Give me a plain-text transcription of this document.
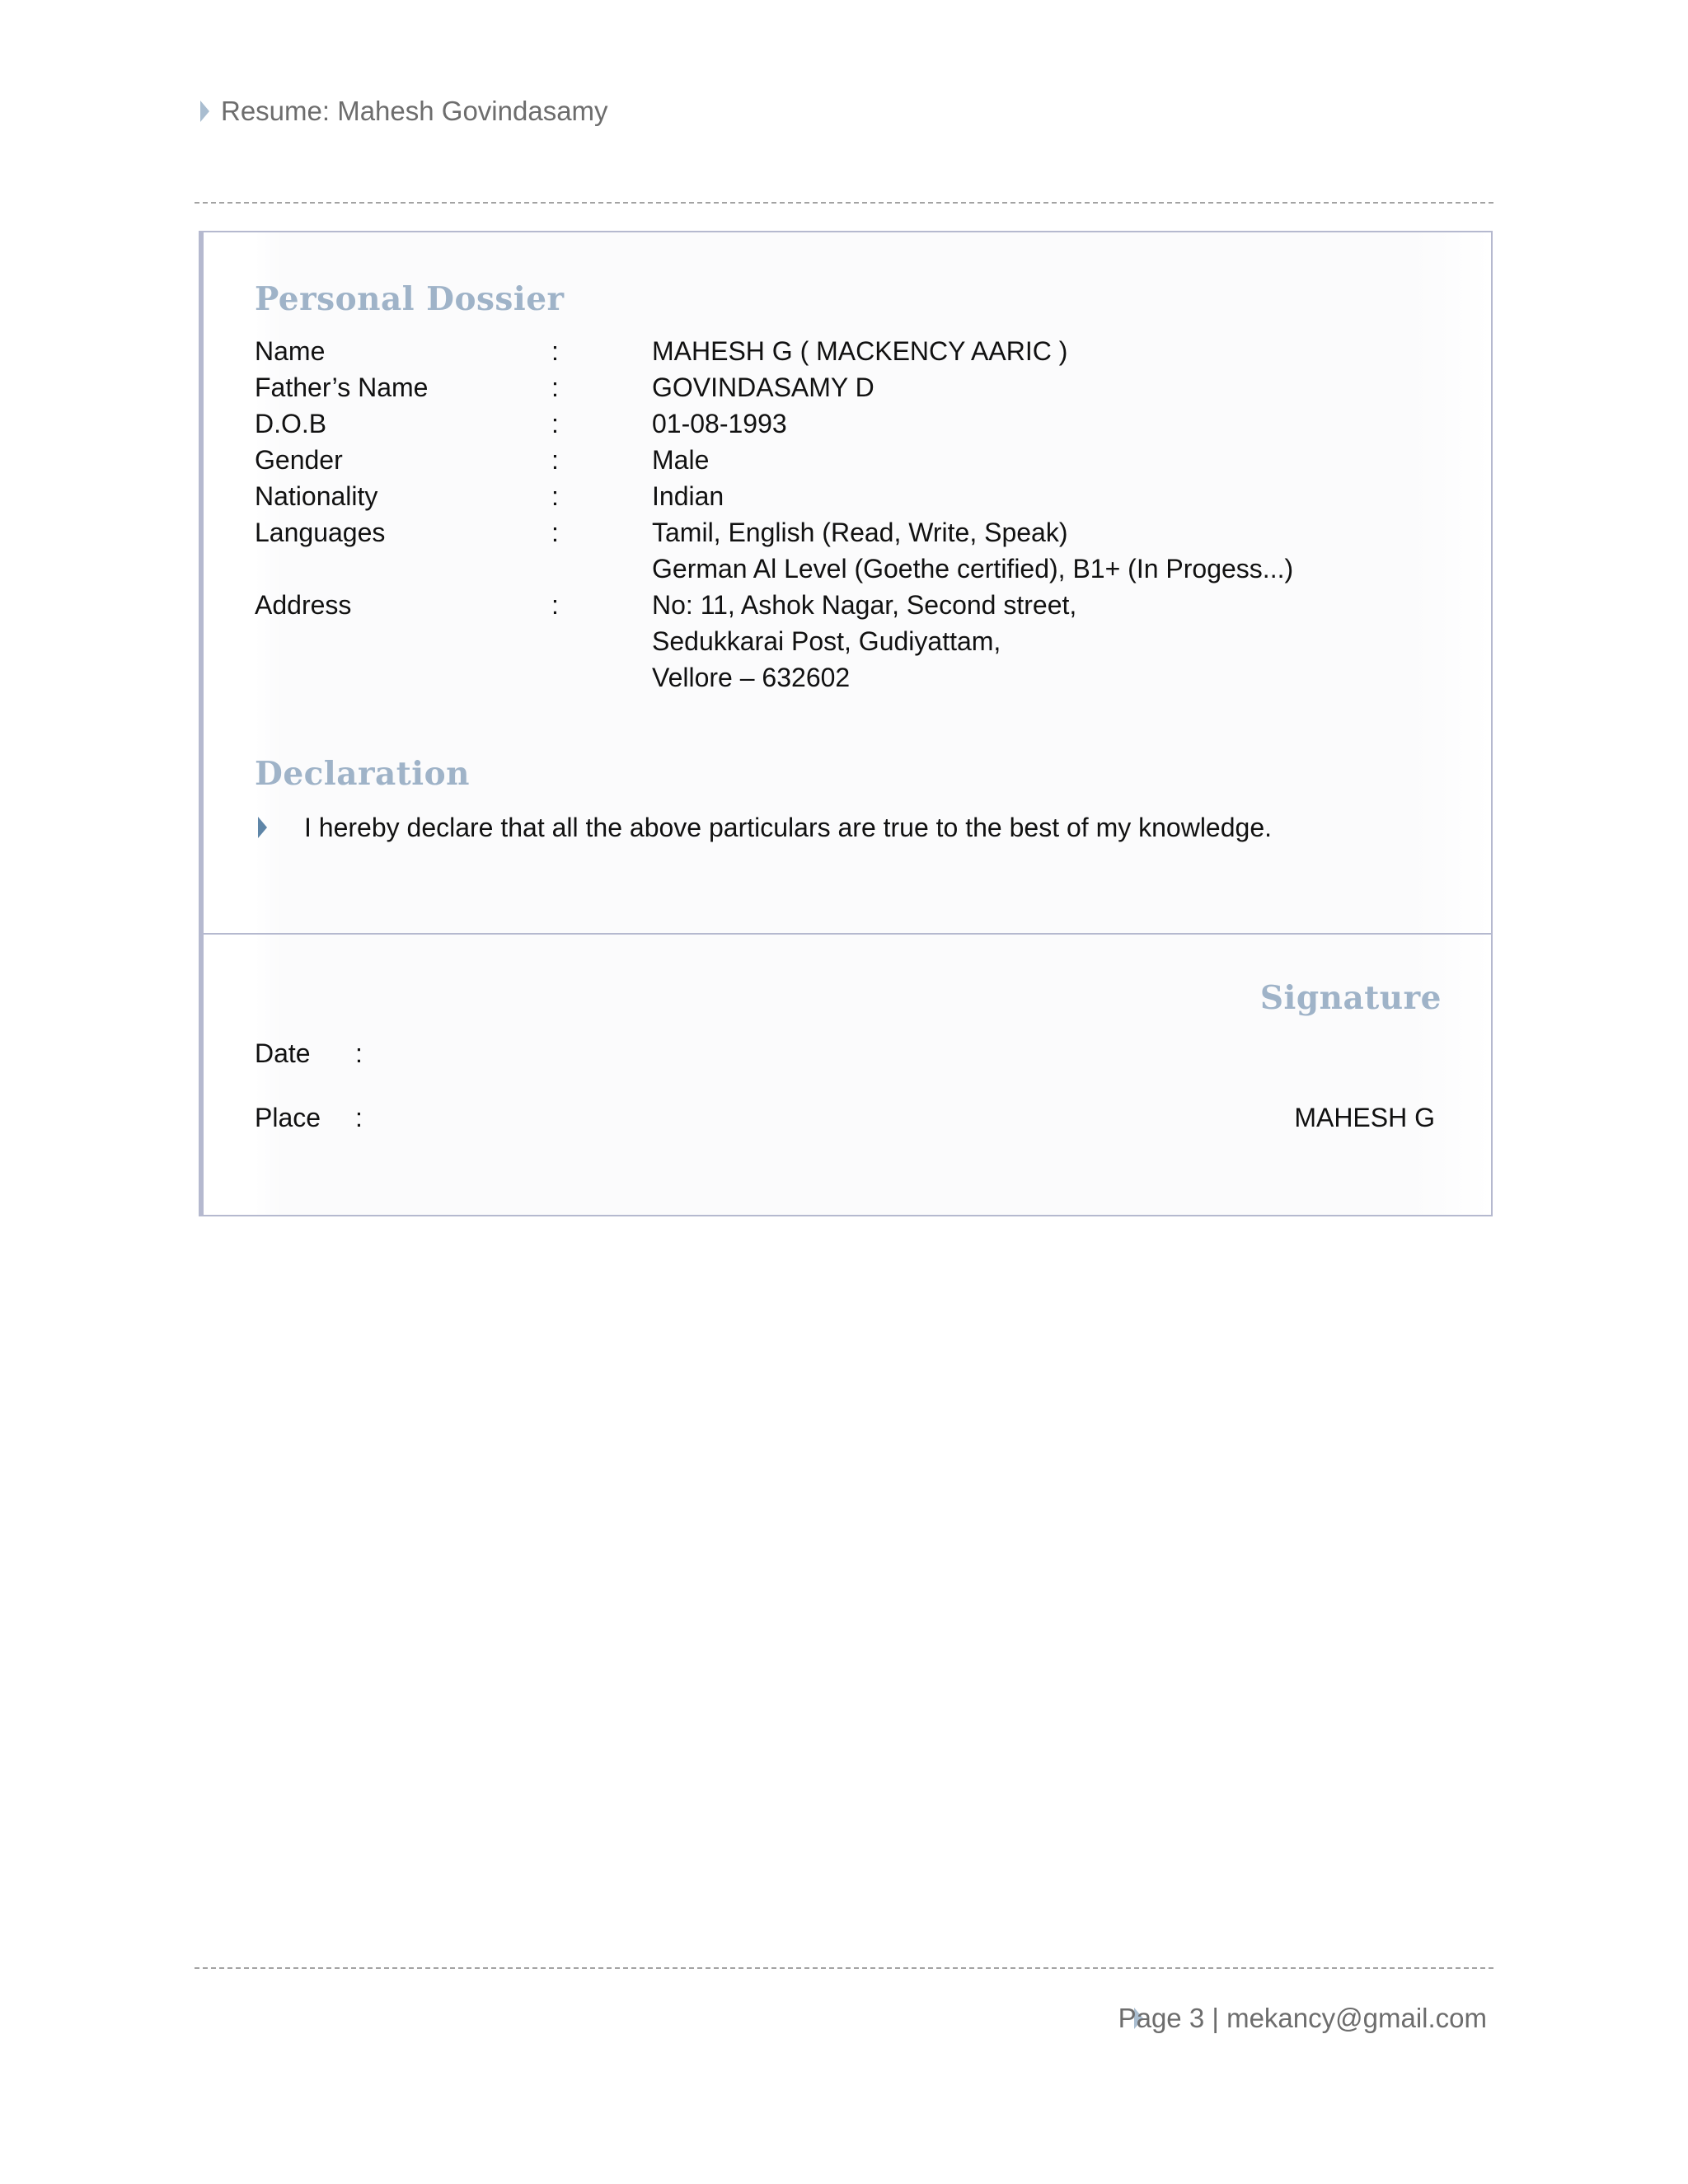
Resume: Mahesh Govindasamy
Personal Dossier
Name	:	MAHESH G ( MACKENCY AARIC )
Father’s Name	:	GOVINDASAMY D
D.O.B	:	01-08-1993
Gender	:	Male
Nationality	:	Indian
Languages	:	Tamil, English (Read, Write, Speak)
German Al Level (Goethe certified), B1+ (In Progess...)
Address	:	No: 11, Ashok Nagar, Second street,
Sedukkarai Post, Gudiyattam,
Vellore – 632602
Declaration
I hereby declare that all the above particulars are true to the best of my knowledge.
Signature
Date :
Place :	MAHESH G
Page 3 | mekancy@gmail.com
